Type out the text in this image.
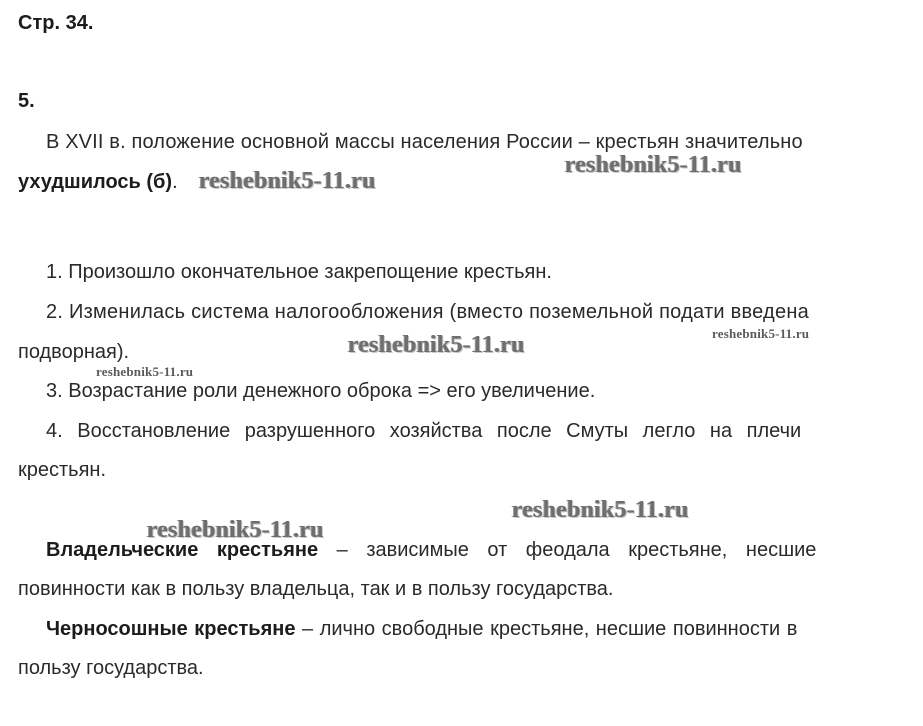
Стр. 34.
5.
В XVII в. положение основной массы населения России – крестьян значительно
ухудшилось (б).
1. Произошло окончательное закрепощение крестьян.
2. Изменилась система налогообложения (вместо поземельной подати введена
подворная).
3. Возрастание роли денежного оброка => его увеличение.
4. Восстановление разрушенного хозяйства после Смуты легло на плечи
крестьян.
Владельческие крестьяне – зависимые от феодала крестьяне, несшие
повинности как в пользу владельца, так и в пользу государства.
Черносошные крестьяне – лично свободные крестьяне, несшие повинности в
пользу государства.
reshebnik5-11.ru
reshebnik5-11.ru
reshebnik5-11.ru	reshebnik5-11.ru
reshebnik5-11.ru
reshebnik5-11.ru
reshebnik5-11.ru
